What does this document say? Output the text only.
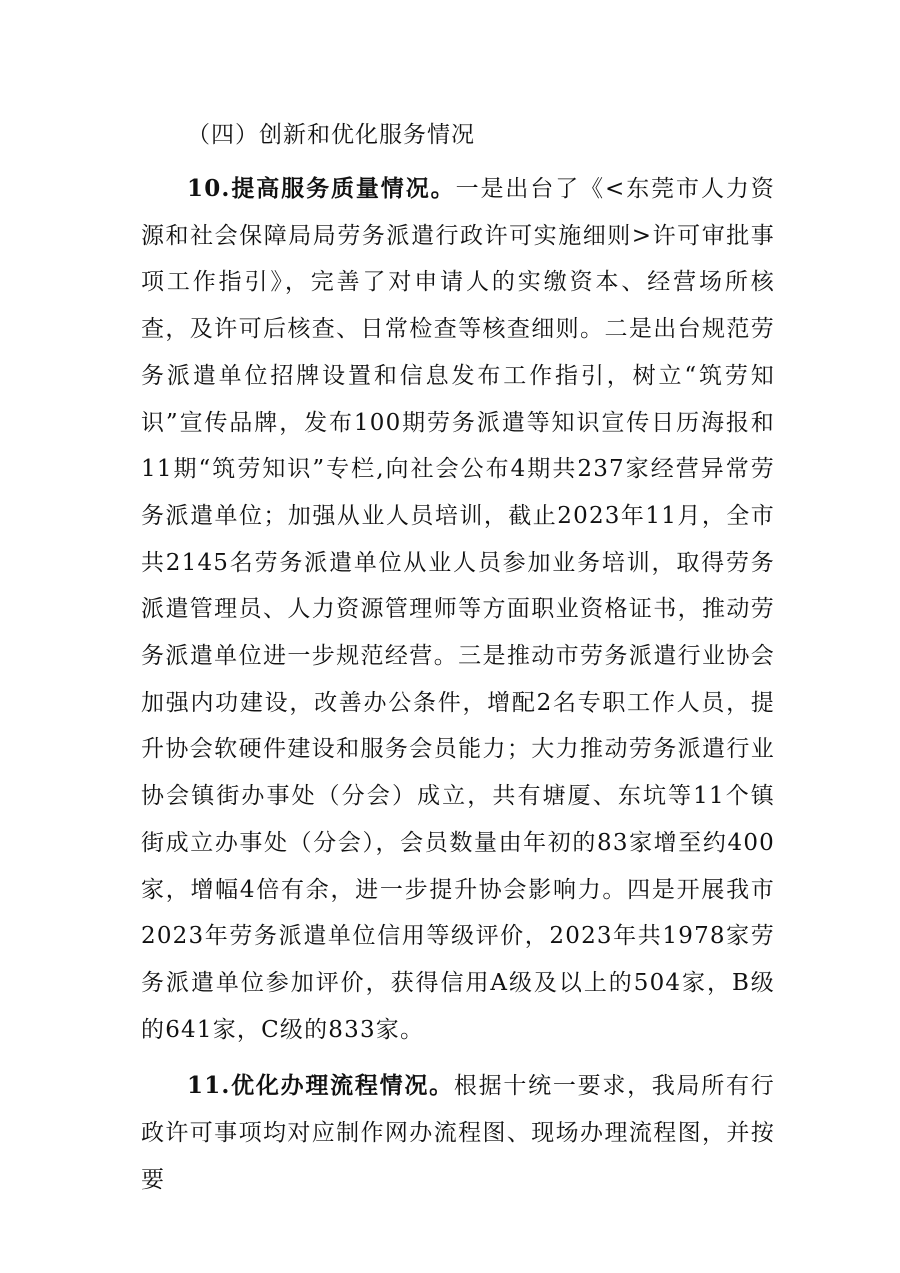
（四）创新和优化服务情况

10.提高服务质量情况。一是出台了《<东莞市人力资源和社会保障局局劳务派遣行政许可实施细则>许可审批事项工作指引》，完善了对申请人的实缴资本、经营场所核查，及许可后核查、日常检查等核查细则。二是出台规范劳务派遣单位招牌设置和信息发布工作指引，树立“筑劳知识”宣传品牌，发布100期劳务派遣等知识宣传日历海报和11期“筑劳知识”专栏,向社会公布4期共237家经营异常劳务派遣单位；加强从业人员培训，截止2023年11月，全市共2145名劳务派遣单位从业人员参加业务培训，取得劳务派遣管理员、人力资源管理师等方面职业资格证书，推动劳务派遣单位进一步规范经营。三是推动市劳务派遣行业协会加强内功建设，改善办公条件，增配2名专职工作人员，提升协会软硬件建设和服务会员能力；大力推动劳务派遣行业协会镇街办事处（分会）成立，共有塘厦、东坑等11个镇街成立办事处（分会），会员数量由年初的83家增至约400家，增幅4倍有余，进一步提升协会影响力。四是开展我市2023年劳务派遣单位信用等级评价，2023年共1978家劳务派遣单位参加评价，获得信用A级及以上的504家，B级的641家，C级的833家。

11.优化办理流程情况。根据十统一要求，我局所有行政许可事项均对应制作网办流程图、现场办理流程图，并按要
